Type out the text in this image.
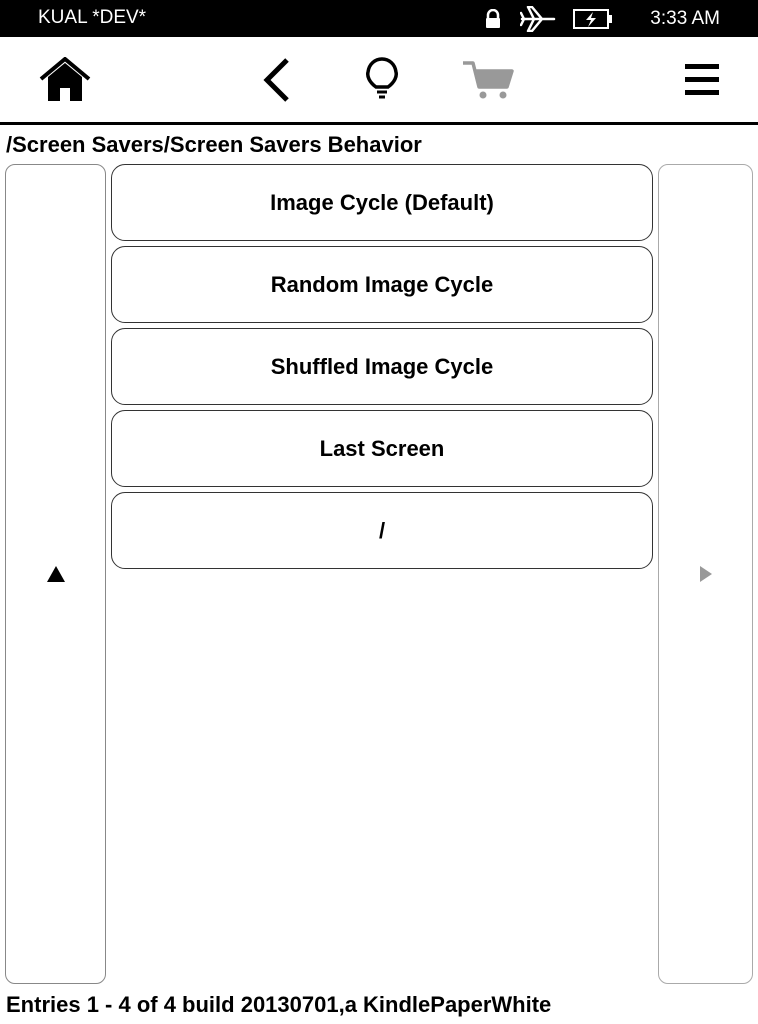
KUAL *DEV*	3:33 AM
/Screen Savers/Screen Savers Behavior
Image Cycle (Default)
Random Image Cycle
Shuffled Image Cycle
Last Screen
/
Entries 1 - 4 of 4 build 20130701,a KindlePaperWhite
